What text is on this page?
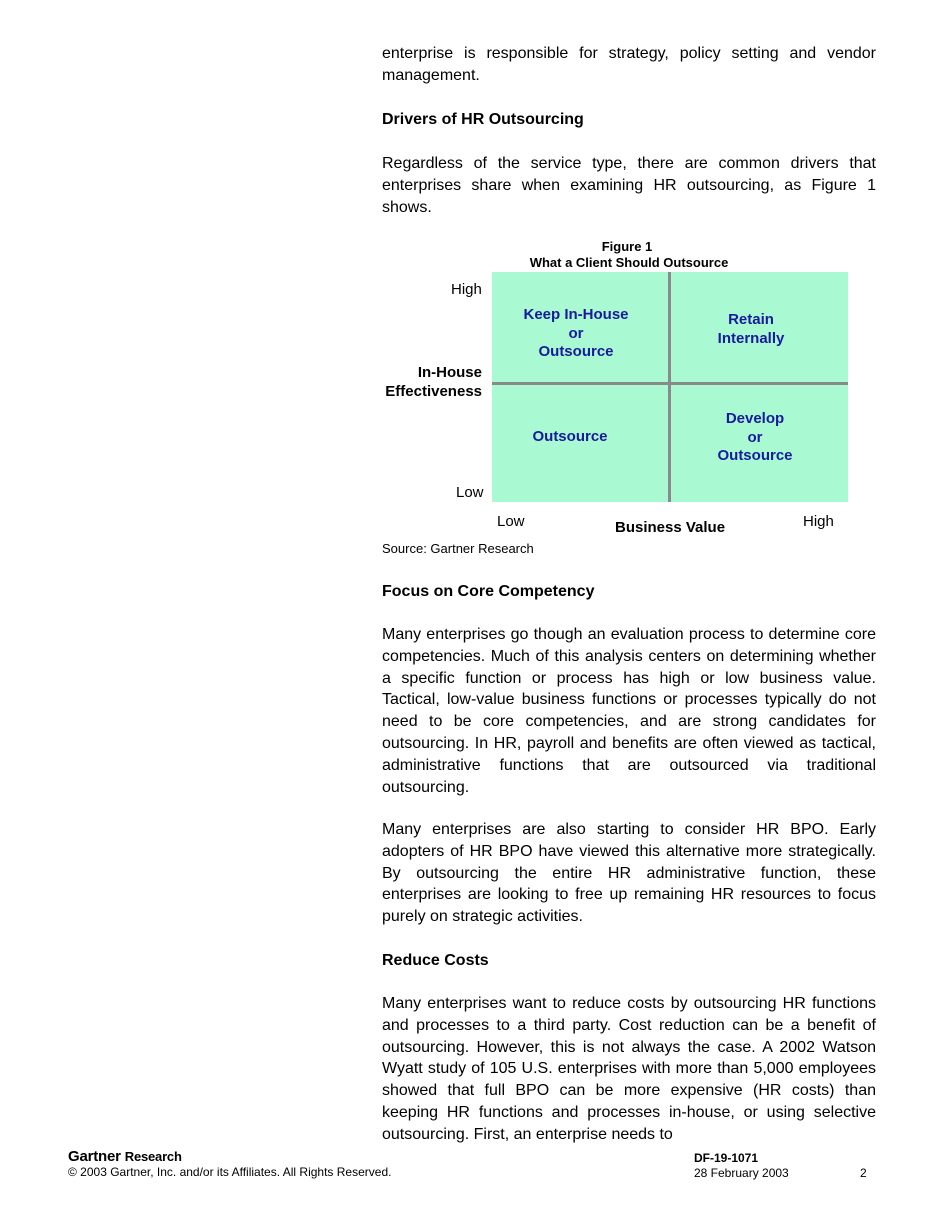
enterprise is responsible for strategy, policy setting and vendor management.

Drivers of HR Outsourcing

Regardless of the service type, there are common drivers that enterprises share when examining HR outsourcing, as Figure 1 shows.

Figure 1
What a Client Should Outsource
High
In-House
Effectiveness
Low
Keep In-House
or
Outsource
Retain
Internally
Outsource
Develop
or
Outsource
Low	Business Value	High
Source: Gartner Research
Focus on Core Competency

Many enterprises go though an evaluation process to determine core competencies. Much of this analysis centers on determining whether a specific function or process has high or low business value. Tactical, low-value business functions or processes typically do not need to be core competencies, and are strong candidates for outsourcing. In HR, payroll and benefits are often viewed as tactical, administrative functions that are outsourced via traditional outsourcing.

Many enterprises are also starting to consider HR BPO. Early adopters of HR BPO have viewed this alternative more strategically. By outsourcing the entire HR administrative function, these enterprises are looking to free up remaining HR resources to focus purely on strategic activities.

Reduce Costs

Many enterprises want to reduce costs by outsourcing HR functions and processes to a third party. Cost reduction can be a benefit of outsourcing. However, this is not always the case. A 2002 Watson Wyatt study of 105 U.S. enterprises with more than 5,000 employees showed that full BPO can be more expensive (HR costs) than keeping HR functions and processes in-house, or using selective outsourcing. First, an enterprise needs to

Gartner Research
© 2003 Gartner, Inc. and/or its Affiliates. All Rights Reserved.
DF-19-1071
28 February 2003	2
